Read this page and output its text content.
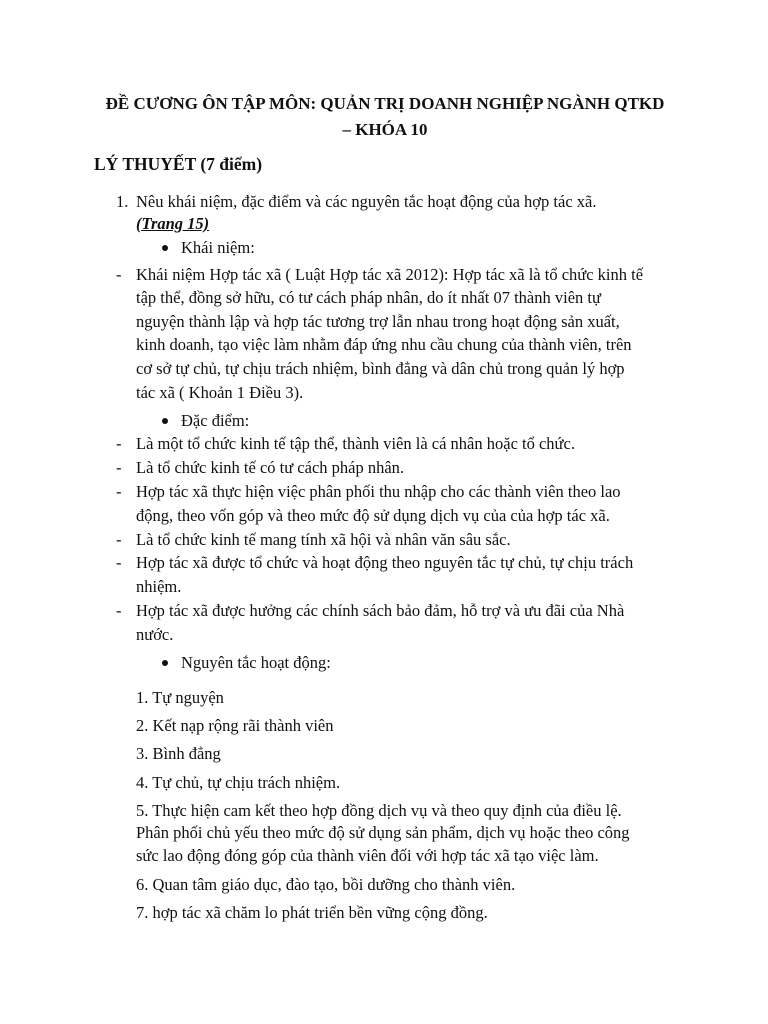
ĐỀ CƯƠNG ÔN TẬP MÔN: QUẢN TRỊ DOANH NGHIỆP NGÀNH QTKD
– KHÓA 10
LÝ THUYẾT (7 điểm)
1. Nêu khái niệm, đặc điểm và các nguyên tắc hoạt động của hợp tác xã.
(Trang 15)
Khái niệm:
-
Đặc điểm:
Nguyên tắc hoạt động:
Khái niệm Hợp tác xã ( Luật Hợp tác xã 2012): Hợp tác xã là tổ chức kinh tế
tập thể, đồng sở hữu, có tư cách pháp nhân, do ít nhất 07 thành viên tự
nguyện thành lập và hợp tác tương trợ lẫn nhau trong hoạt động sản xuất,
kinh doanh, tạo việc làm nhằm đáp ứng nhu cầu chung của thành viên, trên
cơ sở tự chủ, tự chịu trách nhiệm, bình đẳng và dân chủ trong quản lý hợp
tác xã ( Khoản 1 Điều 3).
- Là một tổ chức kinh tế tập thể, thành viên là cá nhân hoặc tổ chức.
- Là tổ chức kinh tế có tư cách pháp nhân.
- Hợp tác xã thực hiện việc phân phối thu nhập cho các thành viên theo lao
động, theo vốn góp và theo mức độ sử dụng dịch vụ của của hợp tác xã.
- Là tổ chức kinh tế mang tính xã hội và nhân văn sâu sắc.
- Hợp tác xã được tổ chức và hoạt động theo nguyên tắc tự chủ, tự chịu trách
nhiệm.
- Hợp tác xã được hưởng các chính sách bảo đảm, hỗ trợ và ưu đãi của Nhà
nước.
1. Tự nguyện
2. Kết nạp rộng rãi thành viên
3. Bình đẳng
4. Tự chủ, tự chịu trách nhiệm.
5. Thực hiện cam kết theo hợp đồng dịch vụ và theo quy định của điều lệ.
Phân phối chủ yếu theo mức độ sử dụng sản phẩm, dịch vụ hoặc theo công
sức lao động đóng góp của thành viên đối với hợp tác xã tạo việc làm.
6. Quan tâm giáo dục, đào tạo, bồi dưỡng cho thành viên.
7. hợp tác xã chăm lo phát triển bền vững cộng đồng.
